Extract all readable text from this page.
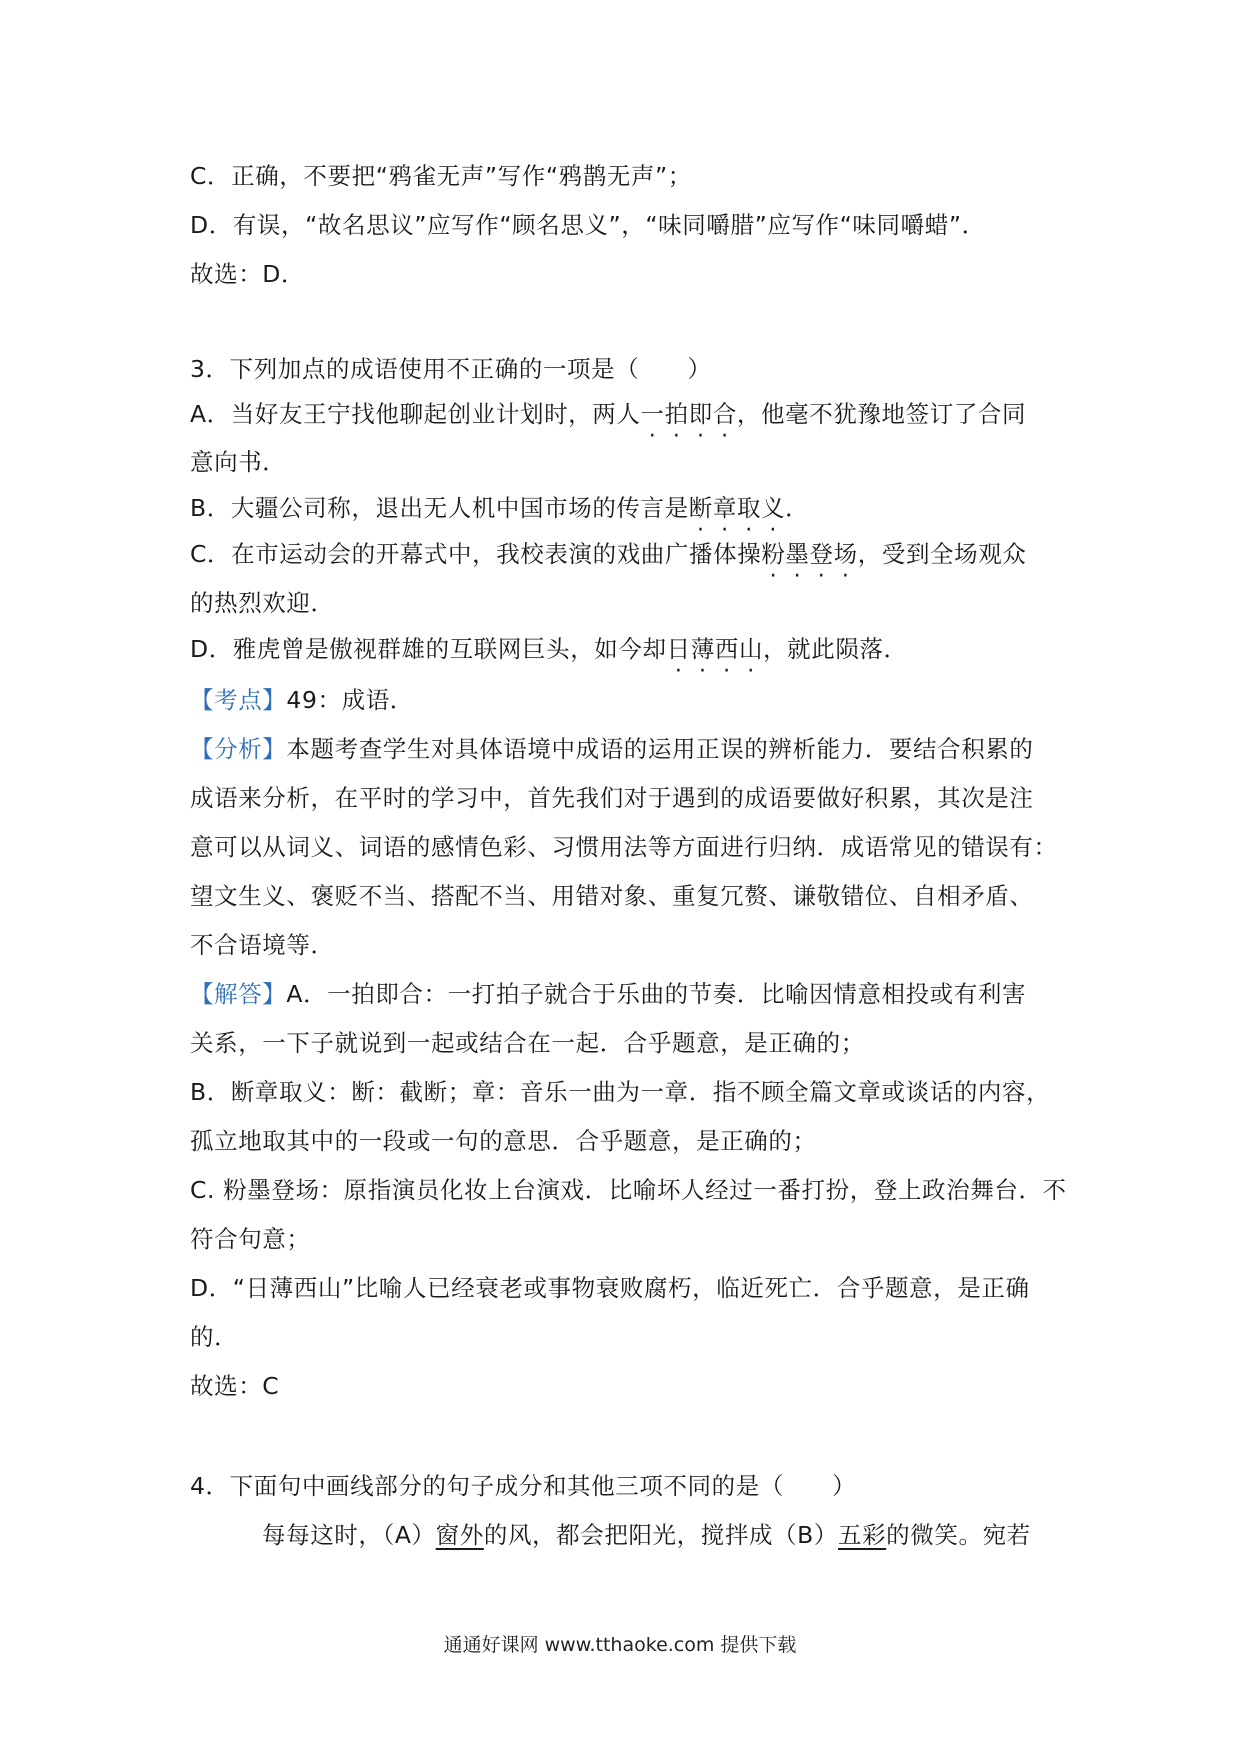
C．正确，不要把“鸦雀无声”写作“鸦鹊无声”；
D．有误，“故名思议”应写作“顾名思义”，“味同嚼腊”应写作“味同嚼蜡”．
故选：D．
3．下列加点的成语使用不正确的一项是（　　）
A．当好友王宁找他聊起创业计划时，两人一拍即合，他毫不犹豫地签订了合同
意向书．
B．大疆公司称，退出无人机中国市场的传言是断章取义．
C．在市运动会的开幕式中，我校表演的戏曲广播体操粉墨登场，受到全场观众
的热烈欢迎．
D．雅虎曾是傲视群雄的互联网巨头，如今却日薄西山，就此陨落．
【考点】49：成语．
【分析】本题考查学生对具体语境中成语的运用正误的辨析能力．要结合积累的
成语来分析，在平时的学习中，首先我们对于遇到的成语要做好积累，其次是注
意可以从词义、词语的感情色彩、习惯用法等方面进行归纳．成语常见的错误有：
望文生义、褒贬不当、搭配不当、用错对象、重复冗赘、谦敬错位、自相矛盾、
不合语境等．
【解答】A．一拍即合：一打拍子就合于乐曲的节奏．比喻因情意相投或有利害
关系，一下子就说到一起或结合在一起．合乎题意，是正确的；
B．断章取义：断：截断；章：音乐一曲为一章．指不顾全篇文章或谈话的内容，
孤立地取其中的一段或一句的意思．合乎题意，是正确的；
C. 粉墨登场：原指演员化妆上台演戏．比喻坏人经过一番打扮，登上政治舞台．不
符合句意；
D．“日薄西山”比喻人已经衰老或事物衰败腐朽，临近死亡．合乎题意，是正确
的．
故选：C
4．下面句中画线部分的句子成分和其他三项不同的是（　　）
每每这时，（A）窗外的风，都会把阳光，搅拌成（B）五彩的微笑。宛若
通通好课网 www.tthaoke.com 提供下载
